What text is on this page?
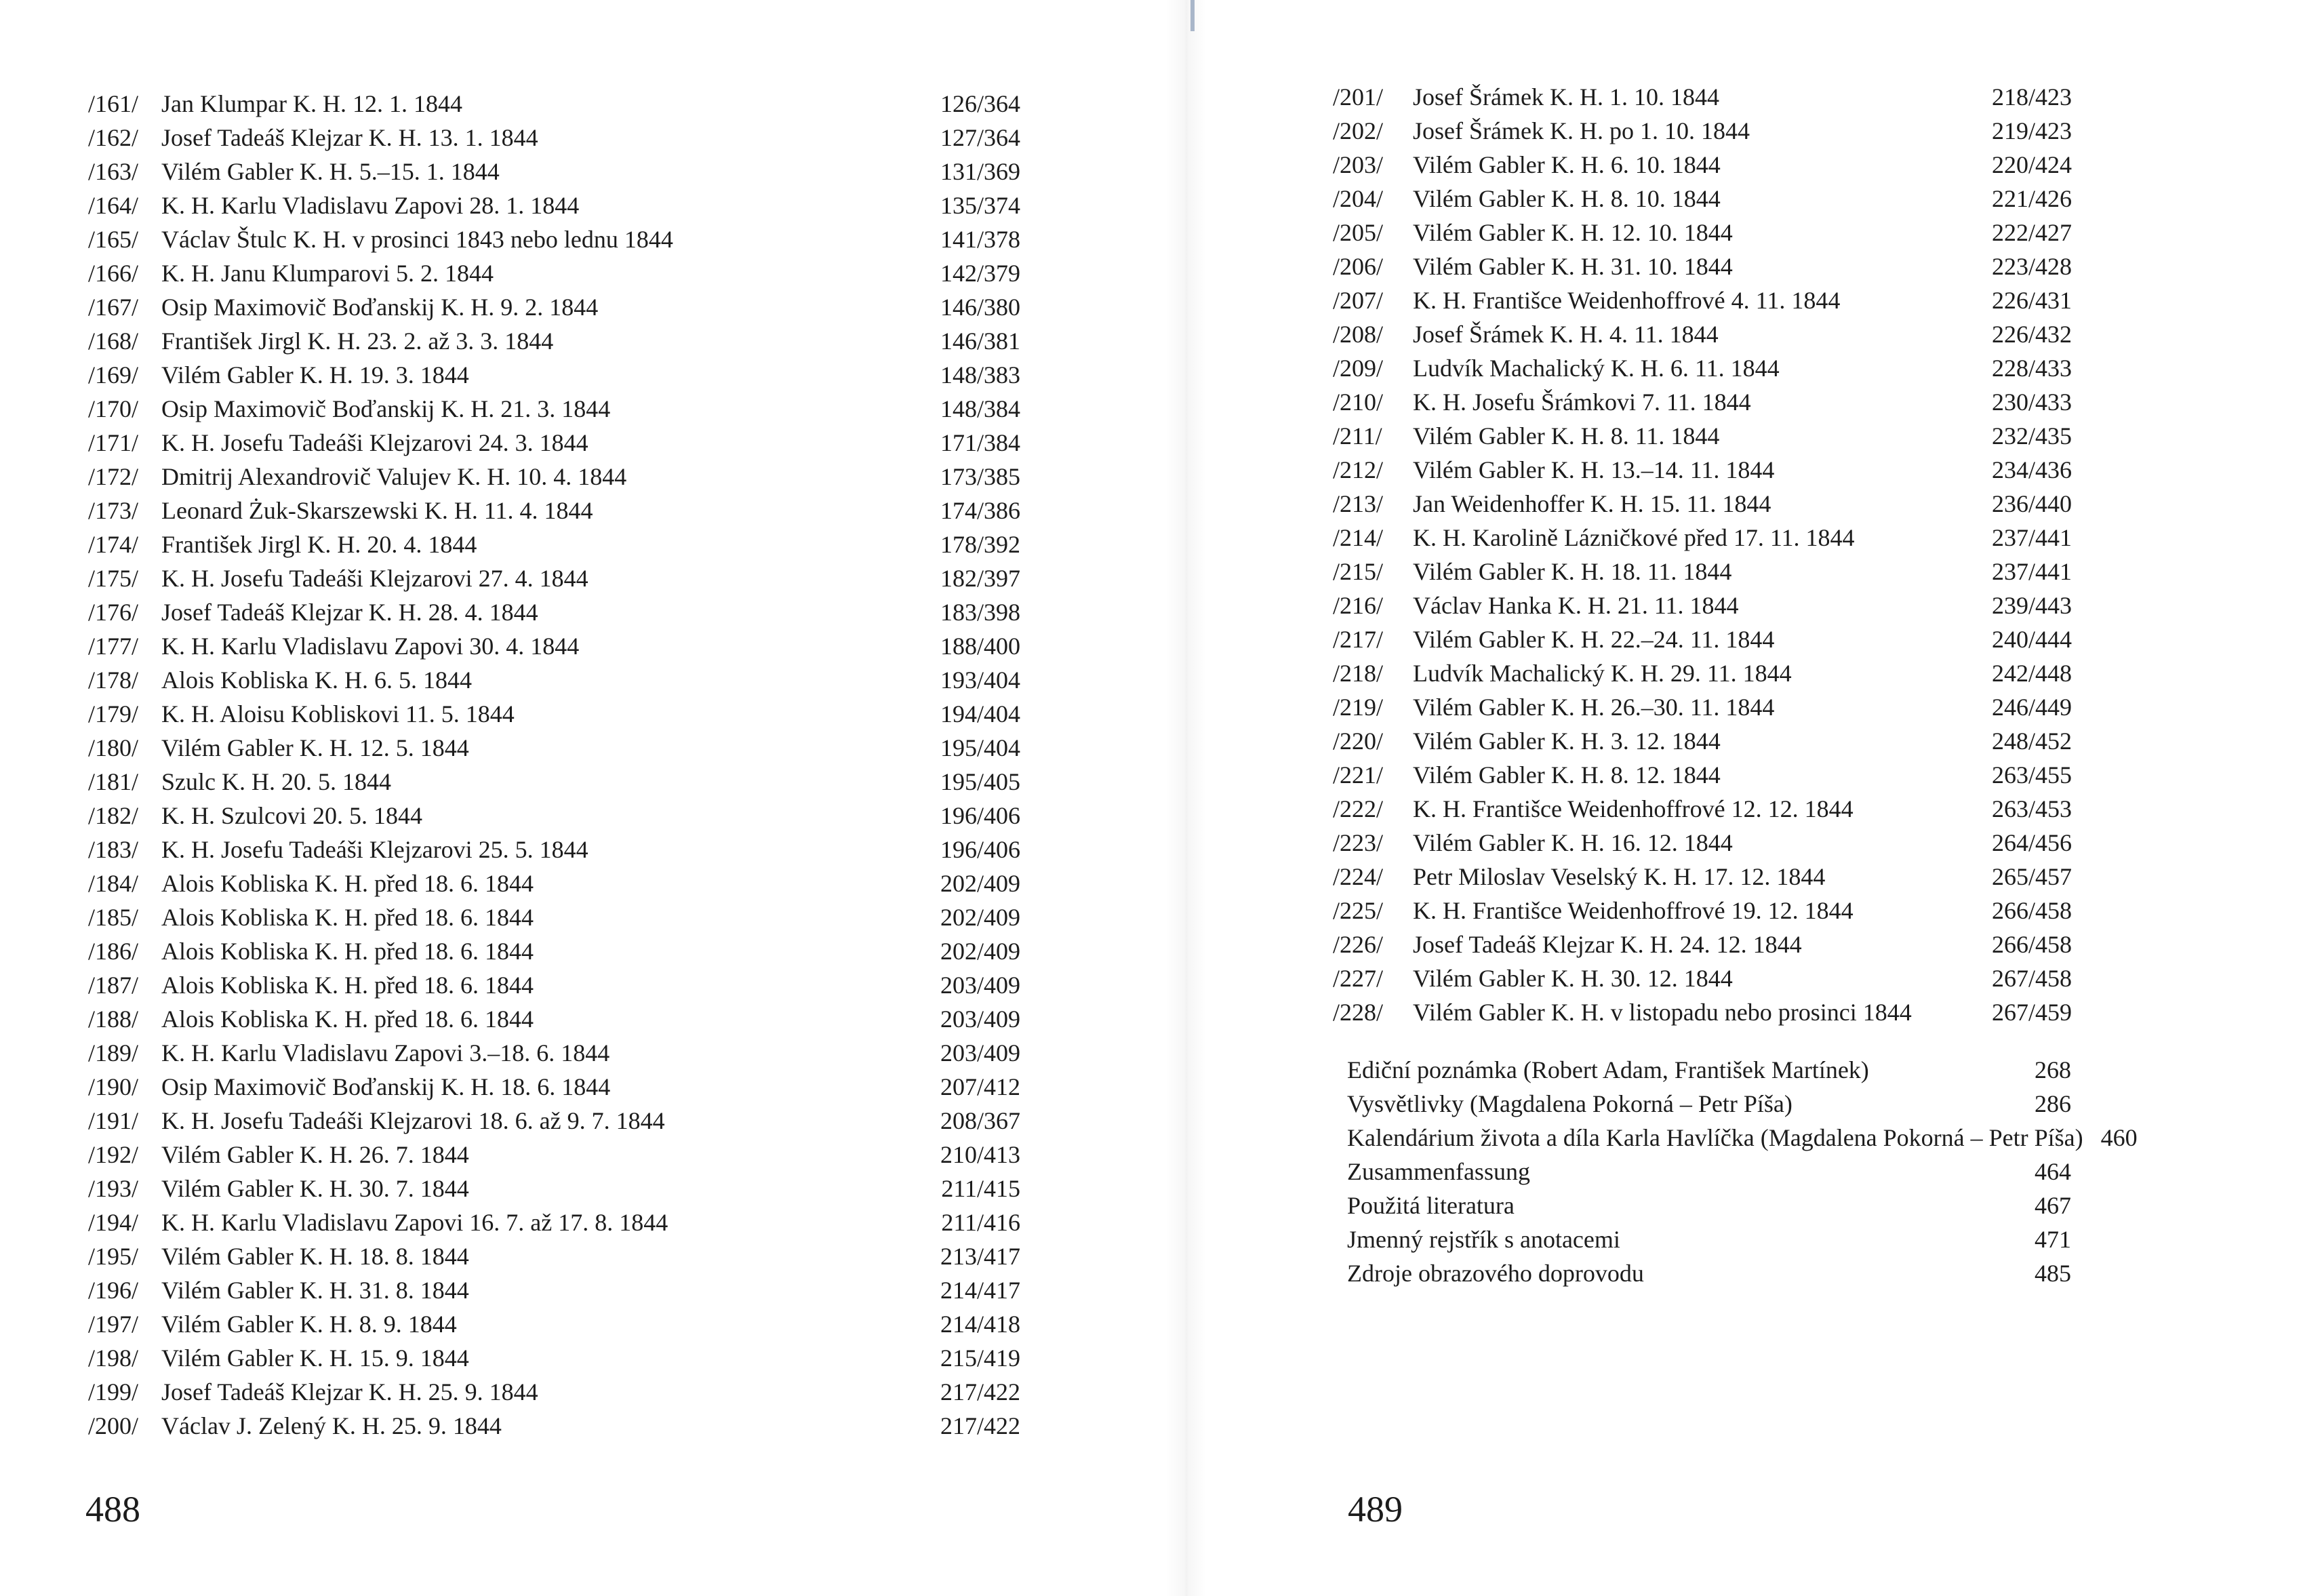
/161/ Jan Klumpar K. H. 12. 1. 1844	126/364
/162/ Josef Tadeáš Klejzar K. H. 13. 1. 1844	127/364
/163/ Vilém Gabler K. H. 5.–15. 1. 1844	131/369
/164/ K. H. Karlu Vladislavu Zapovi 28. 1. 1844	135/374
/165/ Václav Štulc K. H. v prosinci 1843 nebo lednu 1844	141/378
/166/ K. H. Janu Klumparovi 5. 2. 1844	142/379
/167/ Osip Maximovič Boďanskij K. H. 9. 2. 1844	146/380
/168/ František Jirgl K. H. 23. 2. až 3. 3. 1844	146/381
/169/ Vilém Gabler K. H. 19. 3. 1844	148/383
/170/ Osip Maximovič Boďanskij K. H. 21. 3. 1844	148/384
/171/ K. H. Josefu Tadeáši Klejzarovi 24. 3. 1844	171/384
/172/ Dmitrij Alexandrovič Valujev K. H. 10. 4. 1844	173/385
/173/ Leonard Żuk-Skarszewski K. H. 11. 4. 1844	174/386
/174/ František Jirgl K. H. 20. 4. 1844	178/392
/175/ K. H. Josefu Tadeáši Klejzarovi 27. 4. 1844	182/397
/176/ Josef Tadeáš Klejzar K. H. 28. 4. 1844	183/398
/177/ K. H. Karlu Vladislavu Zapovi 30. 4. 1844	188/400
/178/ Alois Kobliska K. H. 6. 5. 1844	193/404
/179/ K. H. Aloisu Kobliskovi 11. 5. 1844	194/404
/180/ Vilém Gabler K. H. 12. 5. 1844	195/404
/181/ Szulc K. H. 20. 5. 1844	195/405
/182/ K. H. Szulcovi 20. 5. 1844	196/406
/183/ K. H. Josefu Tadeáši Klejzarovi 25. 5. 1844	196/406
/184/ Alois Kobliska K. H. před 18. 6. 1844	202/409
/185/ Alois Kobliska K. H. před 18. 6. 1844	202/409
/186/ Alois Kobliska K. H. před 18. 6. 1844	202/409
/187/ Alois Kobliska K. H. před 18. 6. 1844	203/409
/188/ Alois Kobliska K. H. před 18. 6. 1844	203/409
/189/ K. H. Karlu Vladislavu Zapovi 3.–18. 6. 1844	203/409
/190/ Osip Maximovič Boďanskij K. H. 18. 6. 1844	207/412
/191/ K. H. Josefu Tadeáši Klejzarovi 18. 6. až 9. 7. 1844	208/367
/192/ Vilém Gabler K. H. 26. 7. 1844	210/413
/193/ Vilém Gabler K. H. 30. 7. 1844	211/415
/194/ K. H. Karlu Vladislavu Zapovi 16. 7. až 17. 8. 1844	211/416
/195/ Vilém Gabler K. H. 18. 8. 1844	213/417
/196/ Vilém Gabler K. H. 31. 8. 1844	214/417
/197/ Vilém Gabler K. H. 8. 9. 1844	214/418
/198/ Vilém Gabler K. H. 15. 9. 1844	215/419
/199/ Josef Tadeáš Klejzar K. H. 25. 9. 1844	217/422
/200/ Václav J. Zelený K. H. 25. 9. 1844	217/422
488
/201/	Josef Šrámek K. H. 1. 10. 1844	218/423
/202/	Josef Šrámek K. H. po 1. 10. 1844	219/423
/203/	Vilém Gabler K. H. 6. 10. 1844	220/424
/204/	Vilém Gabler K. H. 8. 10. 1844	221/426
/205/	Vilém Gabler K. H. 12. 10. 1844	222/427
/206/	Vilém Gabler K. H. 31. 10. 1844	223/428
/207/	K. H. Františce Weidenhoffrové 4. 11. 1844	226/431
/208/	Josef Šrámek K. H. 4. 11. 1844	226/432
/209/	Ludvík Machalický K. H. 6. 11. 1844	228/433
/210/	K. H. Josefu Šrámkovi 7. 11. 1844	230/433
/211/	Vilém Gabler K. H. 8. 11. 1844	232/435
/212/	Vilém Gabler K. H. 13.–14. 11. 1844	234/436
/213/	Jan Weidenhoffer K. H. 15. 11. 1844	236/440
/214/	K. H. Karolině Lázničkové před 17. 11. 1844	237/441
/215/	Vilém Gabler K. H. 18. 11. 1844	237/441
/216/	Václav Hanka K. H. 21. 11. 1844	239/443
/217/	Vilém Gabler K. H. 22.–24. 11. 1844	240/444
/218/	Ludvík Machalický K. H. 29. 11. 1844	242/448
/219/	Vilém Gabler K. H. 26.–30. 11. 1844	246/449
/220/	Vilém Gabler K. H. 3. 12. 1844	248/452
/221/	Vilém Gabler K. H. 8. 12. 1844	263/455
/222/	K. H. Františce Weidenhoffrové 12. 12. 1844	263/453
/223/	Vilém Gabler K. H. 16. 12. 1844	264/456
/224/	Petr Miloslav Veselský K. H. 17. 12. 1844	265/457
/225/	K. H. Františce Weidenhoffrové 19. 12. 1844	266/458
/226/	Josef Tadeáš Klejzar K. H. 24. 12. 1844	266/458
/227/	Vilém Gabler K. H. 30. 12. 1844	267/458
/228/	Vilém Gabler K. H. v listopadu nebo prosinci 1844	267/459
Ediční poznámka (Robert Adam, František Martínek)	268
Vysvětlivky (Magdalena Pokorná – Petr Píša)	286
Kalendárium života a díla Karla Havlíčka (Magdalena Pokorná – Petr Píša) 460
Zusammenfassung	464
Použitá literatura	467
Jmenný rejstřík s anotacemi	471
Zdroje obrazového doprovodu	485
489
